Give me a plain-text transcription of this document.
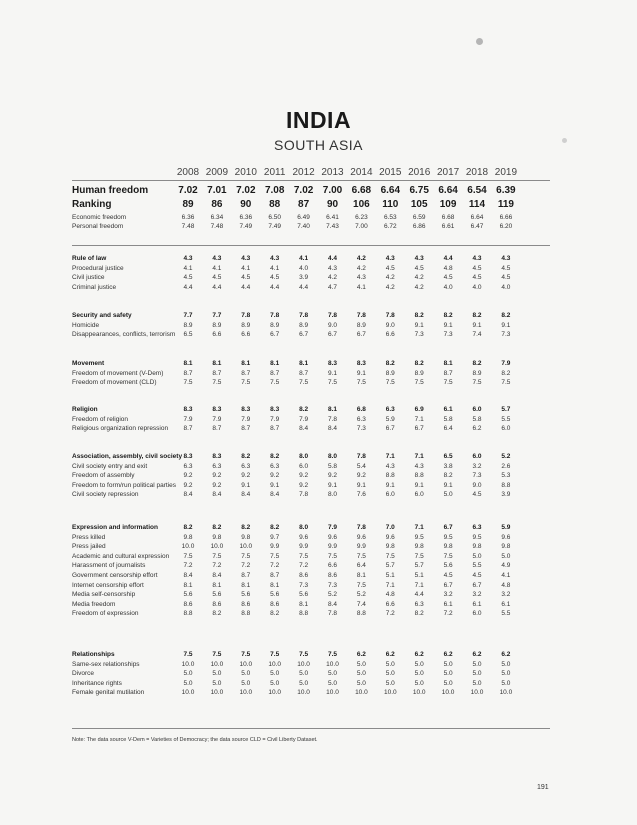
INDIA
SOUTH ASIA
2008 2009 2010 2011 2012 2013 2014 2015 2016 2017 2018 2019
Human freedom	7.02 7.01 7.02 7.08 7.02 7.00 6.68 6.64 6.75 6.64 6.54 6.39
Ranking	89	86	90	88	87	90	106	110	105	109	114	119
Economic freedom	6.36	6.34	6.36	6.50	6.49	6.41	6.23	6.53	6.59	6.68	6.64	6.66
Personal freedom	7.48	7.48	7.49	7.49	7.40	7.43	7.00	6.72	6.86	6.61	6.47	6.20
Rule of law	4.3	4.3	4.3	4.3	4.1	4.4	4.2	4.3	4.3	4.4	4.3	4.3
Procedural justice	4.1	4.1	4.1	4.1	4.0	4.3	4.2	4.5	4.5	4.8	4.5	4.5
Civil justice	4.5	4.5	4.5	4.5	3.9	4.2	4.3	4.2	4.2	4.5	4.5	4.5
Criminal justice	4.4	4.4	4.4	4.4	4.4	4.7	4.1	4.2	4.2	4.0	4.0	4.0
Security and safety	7.7	7.7	7.8	7.8	7.8	7.8	7.8	7.8	8.2	8.2	8.2	8.2
Homicide	8.9	8.9	8.9	8.9	8.9	9.0	8.9	9.0	9.1	9.1	9.1	9.1
Disappearances, conflicts, terrorism	6.5	6.6	6.6	6.7	6.7	6.7	6.7	6.6	7.3	7.3	7.4	7.3
Movement	8.1	8.1	8.1	8.1	8.1	8.3	8.3	8.2	8.2	8.1	8.2	7.9
Freedom of movement (V-Dem)	8.7	8.7	8.7	8.7	8.7	9.1	9.1	8.9	8.9	8.7	8.9	8.2
Freedom of movement (CLD)	7.5	7.5	7.5	7.5	7.5	7.5	7.5	7.5	7.5	7.5	7.5	7.5
Religion	8.3	8.3	8.3	8.3	8.2	8.1	6.8	6.3	6.9	6.1	6.0	5.7
Freedom of religion	7.9	7.9	7.9	7.9	7.9	7.8	6.3	5.9	7.1	5.8	5.8	5.5
Religious organization repression	8.7	8.7	8.7	8.7	8.4	8.4	7.3	6.7	6.7	6.4	6.2	6.0
Association, assembly, civil society 8.3	8.3	8.2	8.2	8.0	8.0	7.8	7.1	7.1	6.5	6.0	5.2
Civil society entry and exit	6.3	6.3	6.3	6.3	6.0	5.8	5.4	4.3	4.3	3.8	3.2	2.6
Freedom of assembly	9.2	9.2	9.2	9.2	9.2	9.2	9.2	8.8	8.8	8.2	7.3	5.3
Freedom to form/run political parties	9.2	9.2	9.1	9.1	9.2	9.1	9.1	9.1	9.1	9.1	9.0	8.8
Civil society repression	8.4	8.4	8.4	8.4	7.8	8.0	7.6	6.0	6.0	5.0	4.5	3.9
Expression and information	8.2	8.2	8.2	8.2	8.0	7.9	7.8	7.0	7.1	6.7	6.3	5.9
Press killed	9.8	9.8	9.8	9.7	9.6	9.6	9.6	9.6	9.5	9.5	9.5	9.6
Press jailed	10.0	10.0	10.0	9.9	9.9	9.9	9.9	9.8	9.8	9.8	9.8	9.8
Academic and cultural expression	7.5	7.5	7.5	7.5	7.5	7.5	7.5	7.5	7.5	7.5	5.0	5.0
Harassment of journalists	7.2	7.2	7.2	7.2	7.2	6.6	6.4	5.7	5.7	5.6	5.5	4.9
Government censorship effort	8.4	8.4	8.7	8.7	8.6	8.6	8.1	5.1	5.1	4.5	4.5	4.1
Internet censorship effort	8.1	8.1	8.1	8.1	7.3	7.3	7.5	7.1	7.1	6.7	6.7	4.8
Media self-censorship	5.6	5.6	5.6	5.6	5.6	5.2	5.2	4.8	4.4	3.2	3.2	3.2
Media freedom	8.6	8.6	8.6	8.6	8.1	8.4	7.4	6.6	6.3	6.1	6.1	6.1
Freedom of expression	8.8	8.2	8.8	8.2	8.8	7.8	8.8	7.2	8.2	7.2	6.0	5.5
Relationships	7.5	7.5	7.5	7.5	7.5	7.5	6.2	6.2	6.2	6.2	6.2	6.2
Same-sex relationships	10.0	10.0	10.0	10.0	10.0	10.0	5.0	5.0	5.0	5.0	5.0	5.0
Divorce	5.0	5.0	5.0	5.0	5.0	5.0	5.0	5.0	5.0	5.0	5.0	5.0
Inheritance rights	5.0	5.0	5.0	5.0	5.0	5.0	5.0	5.0	5.0	5.0	5.0	5.0
Female genital mutilation	10.0	10.0	10.0	10.0	10.0	10.0	10.0	10.0	10.0	10.0	10.0	10.0
Note: The data source V-Dem = Varieties of Democracy; the data source CLD = Civil Liberty Dataset.
191
